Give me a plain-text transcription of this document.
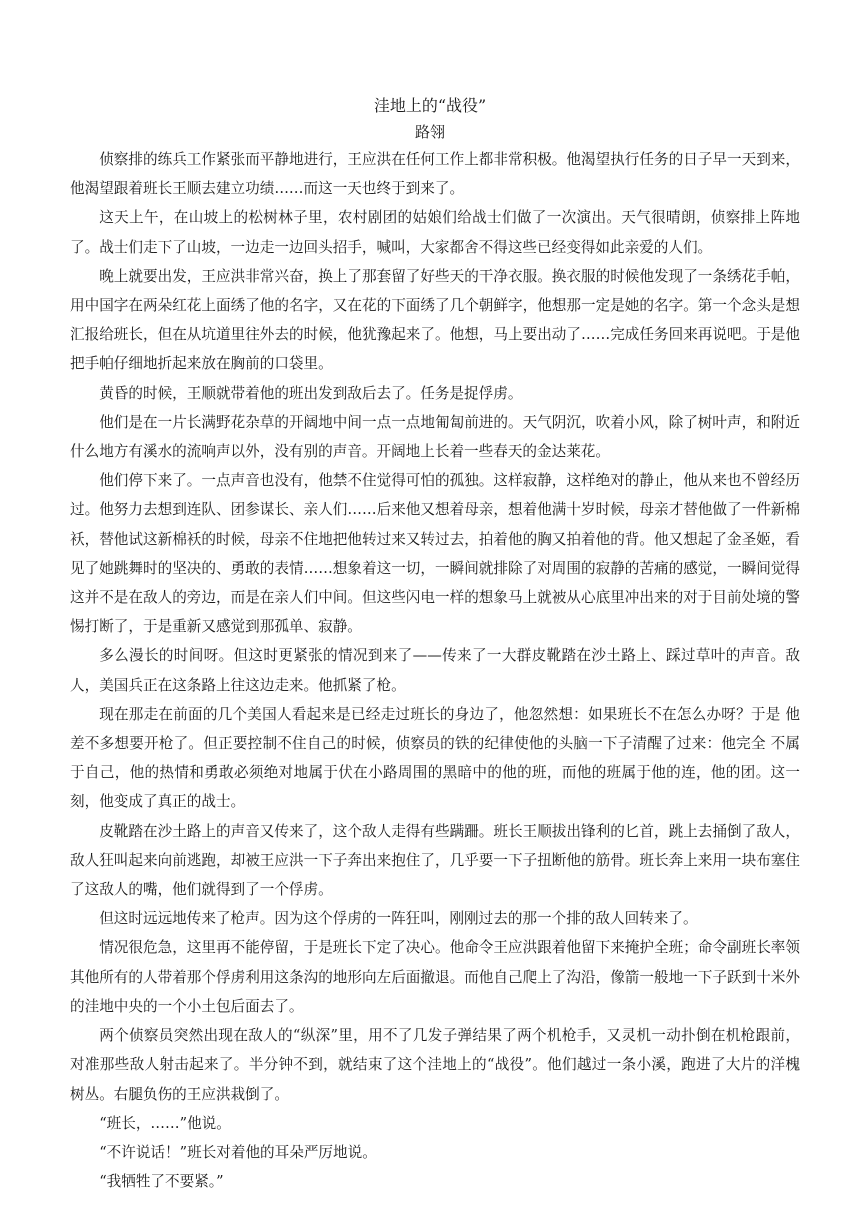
洼地上的“战役”
路翎

侦察排的练兵工作紧张而平静地进行，王应洪在任何工作上都非常积极。他渴望执行任务的日子早一天到来，他渴望跟着班长王顺去建立功绩……而这一天也终于到来了。

这天上午，在山坡上的松树林子里，农村剧团的姑娘们给战士们做了一次演出。天气很晴朗，侦察排上阵地了。战士们走下了山坡，一边走一边回头招手，喊叫，大家都舍不得这些已经变得如此亲爱的人们。

晚上就要出发，王应洪非常兴奋，换上了那套留了好些天的干净衣服。换衣服的时候他发现了一条绣花手帕，用中国字在两朵红花上面绣了他的名字，又在花的下面绣了几个朝鲜字，他想那一定是她的名字。第一个念头是想汇报给班长，但在从坑道里往外去的时候，他犹豫起来了。他想，马上要出动了……完成任务回来再说吧。于是他把手帕仔细地折起来放在胸前的口袋里。

黄昏的时候，王顺就带着他的班出发到敌后去了。任务是捉俘虏。

他们是在一片长满野花杂草的开阔地中间一点一点地匍匐前进的。天气阴沉，吹着小风，除了树叶声，和附近什么地方有溪水的流响声以外，没有别的声音。开阔地上长着一些春天的金达莱花。

他们停下来了。一点声音也没有，他禁不住觉得可怕的孤独。这样寂静，这样绝对的静止，他从来也不曾经历过。他努力去想到连队、团参谋长、亲人们……后来他又想着母亲，想着他满十岁时候，母亲才替他做了一件新棉袄，替他试这新棉袄的时候，母亲不住地把他转过来又转过去，拍着他的胸又拍着他的背。他又想起了金圣姬，看见了她跳舞时的坚决的、勇敢的表情……想象着这一切，一瞬间就排除了对周围的寂静的苦痛的感觉，一瞬间觉得这并不是在敌人的旁边，而是在亲人们中间。但这些闪电一样的想象马上就被从心底里冲出来的对于目前处境的警惕打断了，于是重新又感觉到那孤单、寂静。

多么漫长的时间呀。但这时更紧张的情况到来了——传来了一大群皮靴踏在沙土路上、踩过草叶的声音。敌人，美国兵正在这条路上往这边走来。他抓紧了枪。

现在那走在前面的几个美国人看起来是已经走过班长的身边了，他忽然想：如果班长不在怎么办呀？于是 他差不多想要开枪了。但正要控制不住自己的时候，侦察员的铁的纪律使他的头脑一下子清醒了过来：他完全 不属于自己，他的热情和勇敢必须绝对地属于伏在小路周围的黑暗中的他的班，而他的班属于他的连，他的团。这一刻，他变成了真正的战士。

皮靴踏在沙土路上的声音又传来了，这个敌人走得有些蹒跚。班长王顺拔出锋利的匕首，跳上去捅倒了敌人，敌人狂叫起来向前逃跑，却被王应洪一下子奔出来抱住了，几乎要一下子扭断他的筋骨。班长奔上来用一块布塞住了这敌人的嘴，他们就得到了一个俘虏。

但这时远远地传来了枪声。因为这个俘虏的一阵狂叫，刚刚过去的那一个排的敌人回转来了。

情况很危急，这里再不能停留，于是班长下定了决心。他命令王应洪跟着他留下来掩护全班；命令副班长率领其他所有的人带着那个俘虏利用这条沟的地形向左后面撤退。而他自己爬上了沟沿，像箭一般地一下子跃到十米外的洼地中央的一个小土包后面去了。

两个侦察员突然出现在敌人的“纵深”里，用不了几发子弹结果了两个机枪手，又灵机一动扑倒在机枪跟前，对准那些敌人射击起来了。半分钟不到，就结束了这个洼地上的“战役”。他们越过一条小溪，跑进了大片的洋槐树丛。右腿负伤的王应洪栽倒了。

“班长，……”他说。

“不许说话！”班长对着他的耳朵严厉地说。

“我牺牲了不要紧。”
